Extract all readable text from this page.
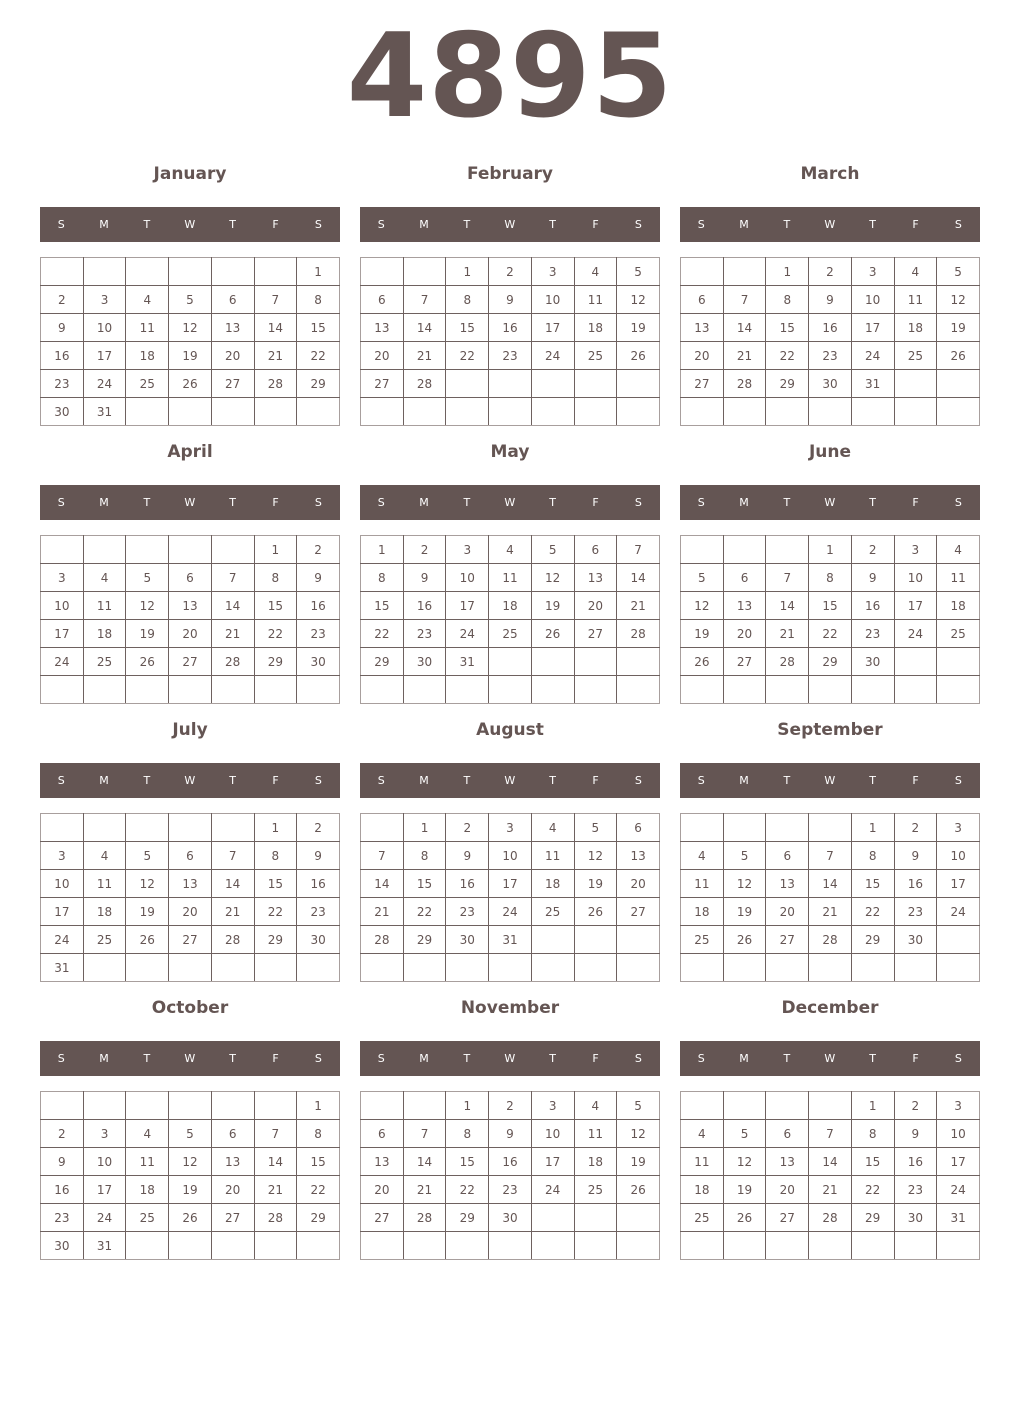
4895
January
S	M	T	W	T	F	S
						1
2	3	4	5	6	7	8
9	10	11	12	13	14	15
16	17	18	19	20	21	22
23	24	25	26	27	28	29
30	31					
February
S	M	T	W	T	F	S
		1	2	3	4	5
6	7	8	9	10	11	12
13	14	15	16	17	18	19
20	21	22	23	24	25	26
27	28					

March
S	M	T	W	T	F	S
		1	2	3	4	5
6	7	8	9	10	11	12
13	14	15	16	17	18	19
20	21	22	23	24	25	26
27	28	29	30	31		

April
S	M	T	W	T	F	S
					1	2
3	4	5	6	7	8	9
10	11	12	13	14	15	16
17	18	19	20	21	22	23
24	25	26	27	28	29	30

May
S	M	T	W	T	F	S
1	2	3	4	5	6	7
8	9	10	11	12	13	14
15	16	17	18	19	20	21
22	23	24	25	26	27	28
29	30	31				

June
S	M	T	W	T	F	S
			1	2	3	4
5	6	7	8	9	10	11
12	13	14	15	16	17	18
19	20	21	22	23	24	25
26	27	28	29	30		

July
S	M	T	W	T	F	S
					1	2
3	4	5	6	7	8	9
10	11	12	13	14	15	16
17	18	19	20	21	22	23
24	25	26	27	28	29	30
31						
August
S	M	T	W	T	F	S
	1	2	3	4	5	6
7	8	9	10	11	12	13
14	15	16	17	18	19	20
21	22	23	24	25	26	27
28	29	30	31			

September
S	M	T	W	T	F	S
				1	2	3
4	5	6	7	8	9	10
11	12	13	14	15	16	17
18	19	20	21	22	23	24
25	26	27	28	29	30	

October
S	M	T	W	T	F	S
						1
2	3	4	5	6	7	8
9	10	11	12	13	14	15
16	17	18	19	20	21	22
23	24	25	26	27	28	29
30	31					
November
S	M	T	W	T	F	S
		1	2	3	4	5
6	7	8	9	10	11	12
13	14	15	16	17	18	19
20	21	22	23	24	25	26
27	28	29	30			

December
S	M	T	W	T	F	S
				1	2	3
4	5	6	7	8	9	10
11	12	13	14	15	16	17
18	19	20	21	22	23	24
25	26	27	28	29	30	31
